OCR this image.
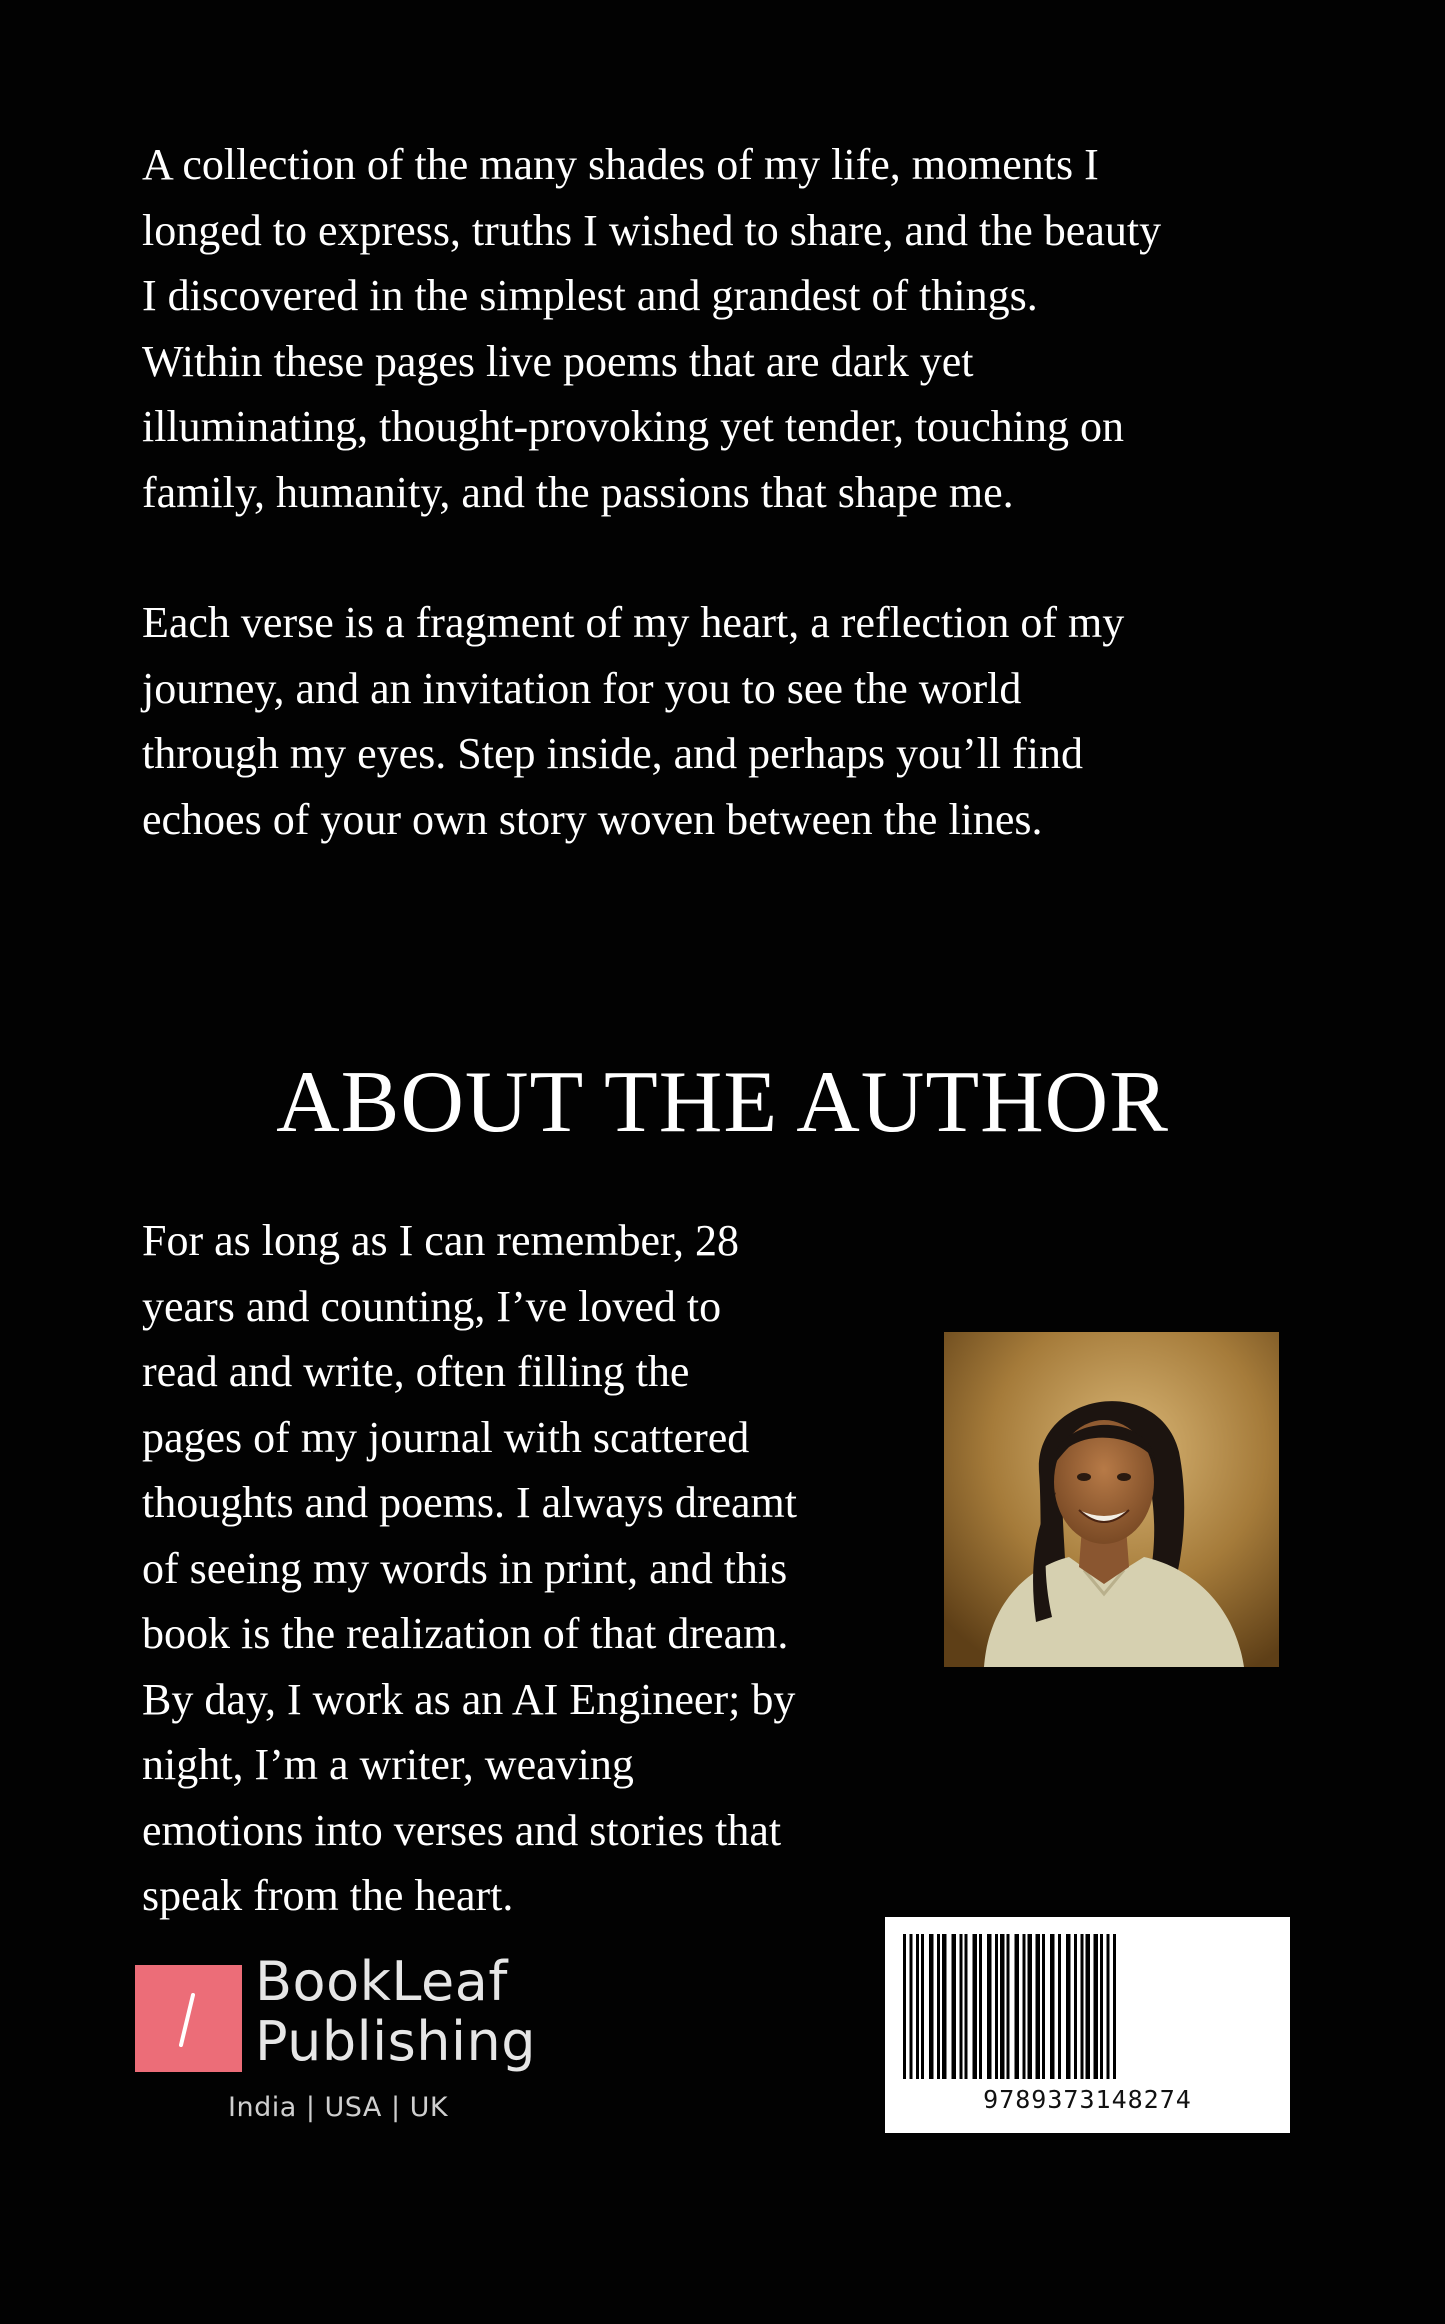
A collection of the many shades of my life, moments I
longed to express, truths I wished to share, and the beauty
I discovered in the simplest and grandest of things.
Within these pages live poems that are dark yet
illuminating, thought-provoking yet tender, touching on
family, humanity, and the passions that shape me.

Each verse is a fragment of my heart, a reflection of my
journey, and an invitation for you to see the world
through my eyes. Step inside, and perhaps you’ll find
echoes of your own story woven between the lines.

ABOUT THE AUTHOR

For as long as I can remember, 28
years and counting, I’ve loved to
read and write, often filling the
pages of my journal with scattered
thoughts and poems. I always dreamt
of seeing my words in print, and this
book is the realization of that dream.
By day, I work as an AI Engineer; by
night, I’m a writer, weaving
emotions into verses and stories that
speak from the heart.

BookLeaf
Publishing
India | USA | UK	9789373148274
